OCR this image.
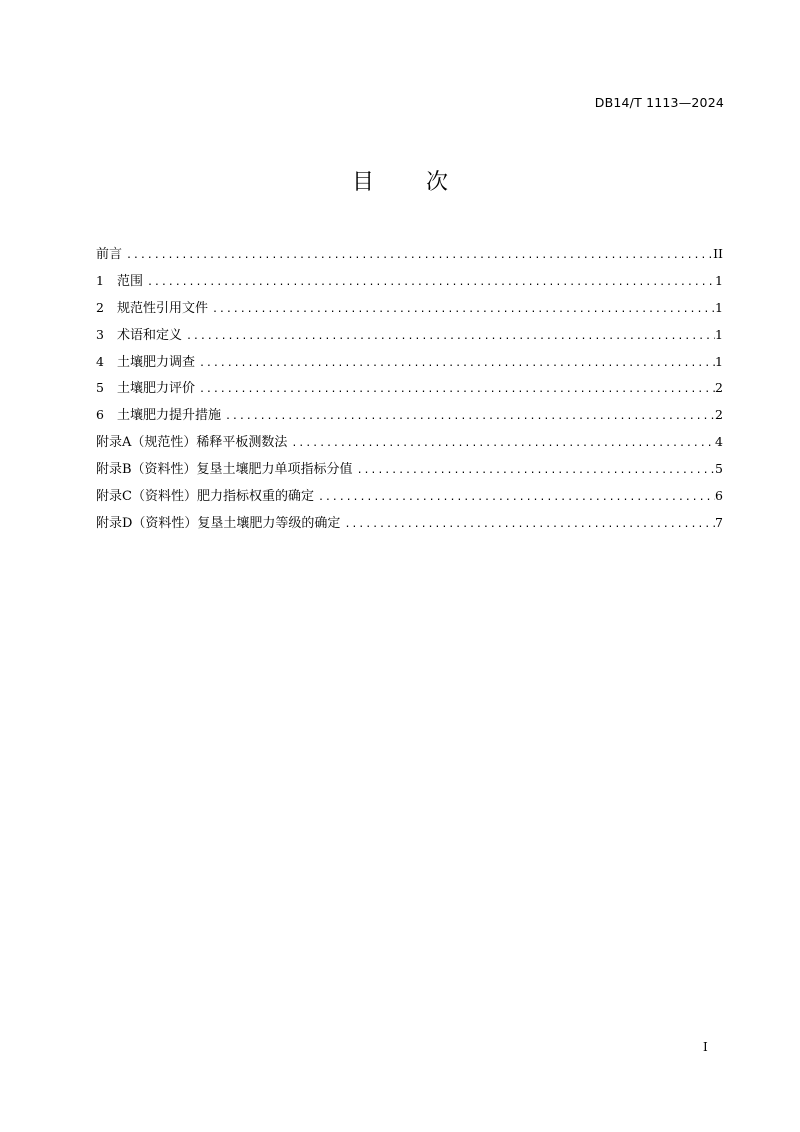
DB14/T 1113—2024
目 次
前言 .....	II
1	范围 .....	1
2	规范性引用文件 .....	1
3	术语和定义 .....	1
4	土壤肥力调查 .....	1
5	土壤肥力评价 .....	2
6	土壤肥力提升措施 .....	2
附录A（规范性）稀释平板测数法 .....	4
附录B（资料性）复垦土壤肥力单项指标分值 .....	5
附录C（资料性）肥力指标权重的确定 .....	6
附录D（资料性）复垦土壤肥力等级的确定 .....	7
I
